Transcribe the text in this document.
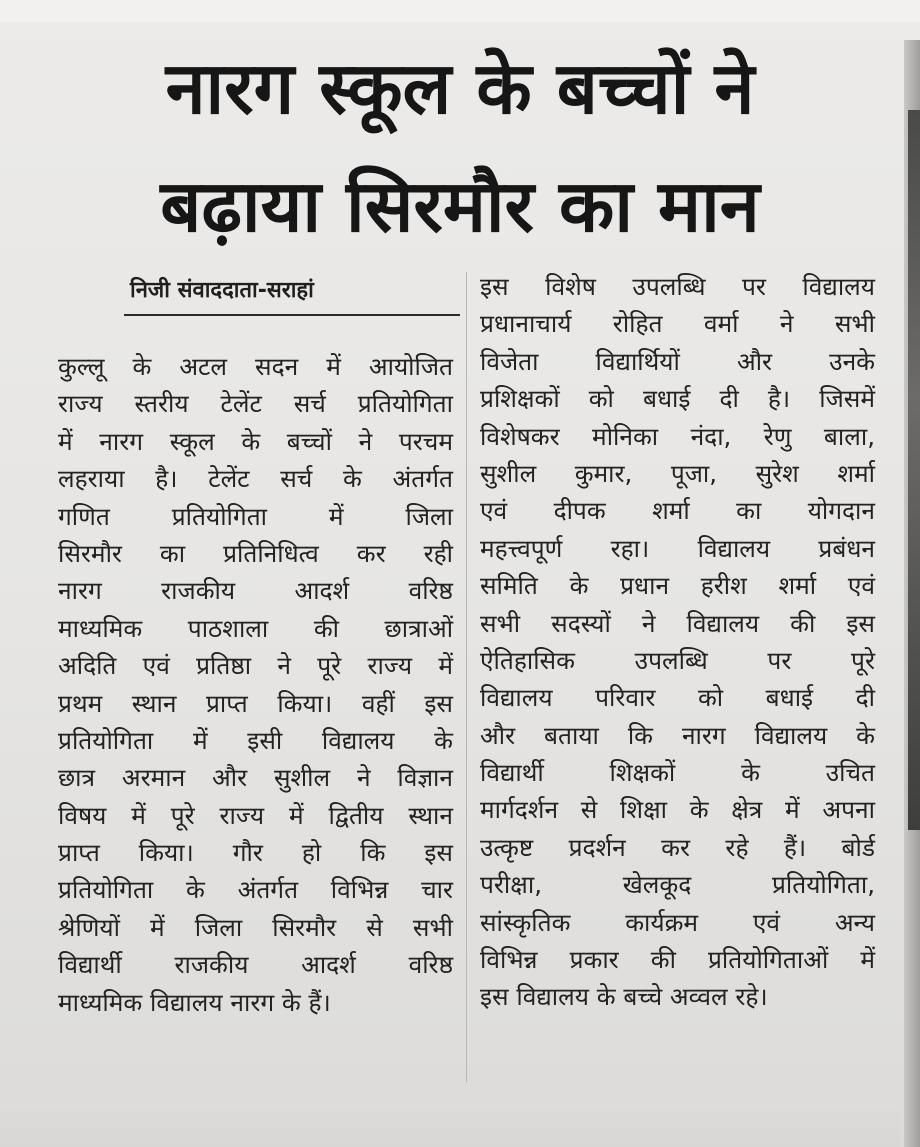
नारग स्कूल के बच्चों ने
बढ़ाया सिरमौर का मान
निजी संवाददाता-सराहां
कुल्लू के अटल सदन में आयोजित
राज्य स्तरीय टेलेंट सर्च प्रतियोगिता
में नारग स्कूल के बच्चों ने परचम
लहराया है। टेलेंट सर्च के अंतर्गत
गणित प्रतियोगिता में जिला
सिरमौर का प्रतिनिधित्व कर रही
नारग राजकीय आदर्श वरिष्ठ
माध्यमिक पाठशाला की छात्राओं
अदिति एवं प्रतिष्ठा ने पूरे राज्य में
प्रथम स्थान प्राप्त किया। वहीं इस
प्रतियोगिता में इसी विद्यालय के
छात्र अरमान और सुशील ने विज्ञान
विषय में पूरे राज्य में द्वितीय स्थान
प्राप्त किया। गौर हो कि इस
प्रतियोगिता के अंतर्गत विभिन्न चार
श्रेणियों में जिला सिरमौर से सभी
विद्यार्थी राजकीय आदर्श वरिष्ठ
माध्यमिक विद्यालय नारग के हैं।
इस विशेष उपलब्धि पर विद्यालय
प्रधानाचार्य रोहित वर्मा ने सभी
विजेता विद्यार्थियों और उनके
प्रशिक्षकों को बधाई दी है। जिसमें
विशेषकर मोनिका नंदा, रेणु बाला,
सुशील कुमार, पूजा, सुरेश शर्मा
एवं दीपक शर्मा का योगदान
महत्त्वपूर्ण रहा। विद्यालय प्रबंधन
समिति के प्रधान हरीश शर्मा एवं
सभी सदस्यों ने विद्यालय की इस
ऐतिहासिक उपलब्धि पर पूरे
विद्यालय परिवार को बधाई दी
और बताया कि नारग विद्यालय के
विद्यार्थी शिक्षकों के उचित
मार्गदर्शन से शिक्षा के क्षेत्र में अपना
उत्कृष्ट प्रदर्शन कर रहे हैं। बोर्ड
परीक्षा, खेलकूद प्रतियोगिता,
सांस्कृतिक कार्यक्रम एवं अन्य
विभिन्न प्रकार की प्रतियोगिताओं में
इस विद्यालय के बच्चे अव्वल रहे।
